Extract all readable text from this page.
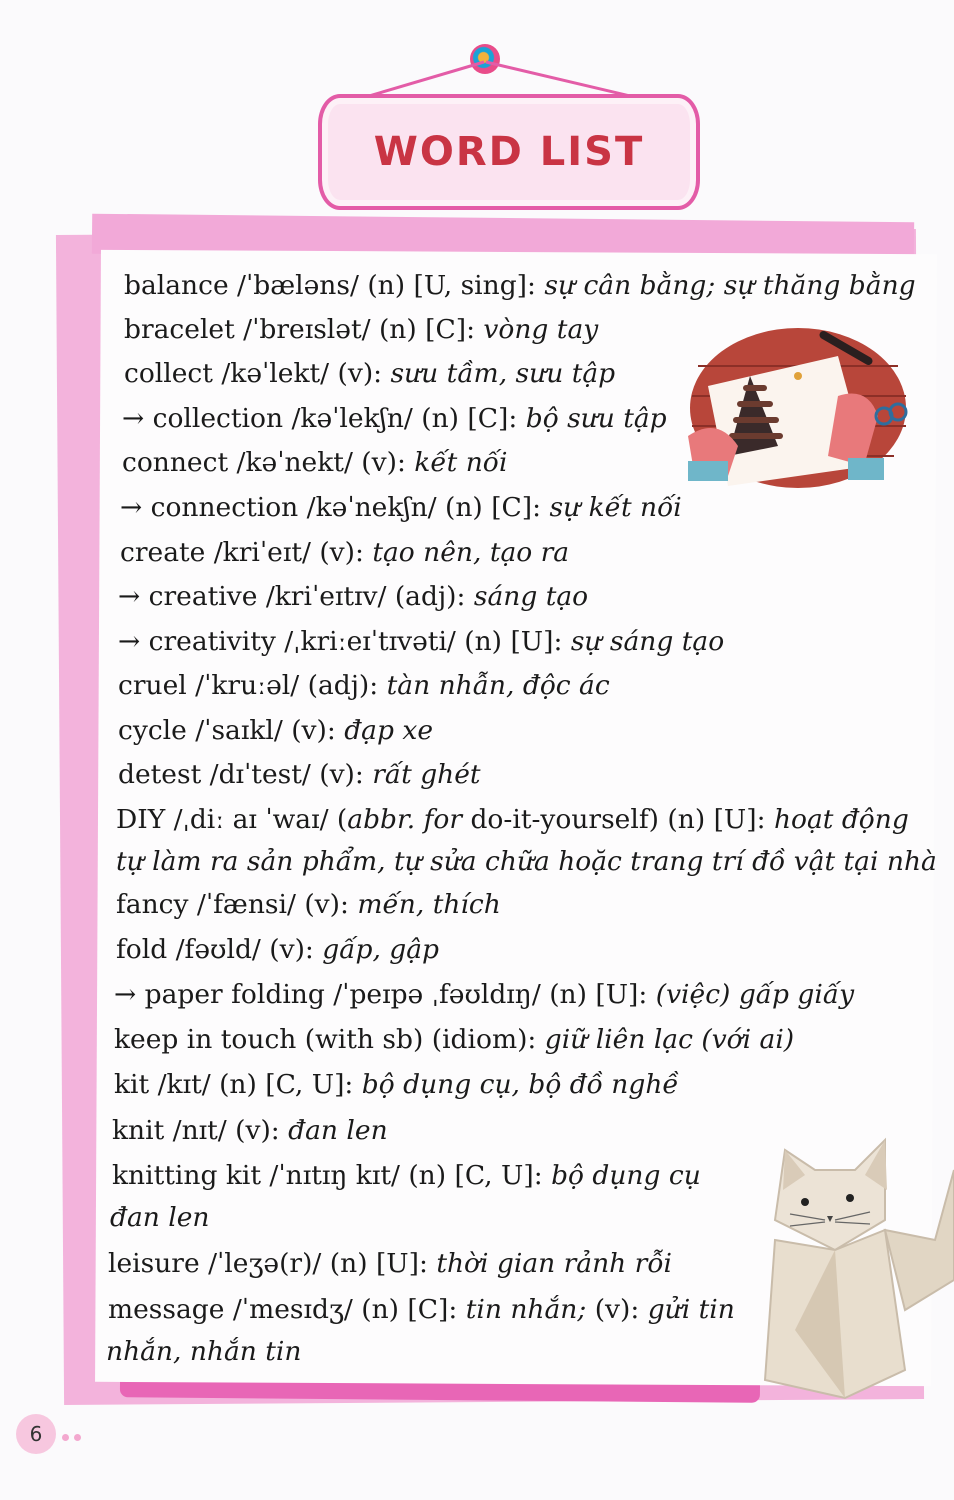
WORD LIST
balance /ˈbæləns/ (n) [U, sing]: sự cân bằng; sự thăng bằng
bracelet /ˈbreɪslət/ (n) [C]: vòng tay
collect /kəˈlekt/ (v): sưu tầm, sưu tập
→ collection /kəˈlekʃn/ (n) [C]: bộ sưu tập
connect /kəˈnekt/ (v): kết nối
→ connection /kəˈnekʃn/ (n) [C]: sự kết nối
create /kriˈeɪt/ (v): tạo nên, tạo ra
→ creative /kriˈeɪtɪv/ (adj): sáng tạo
→ creativity /ˌkriːeɪˈtɪvəti/ (n) [U]: sự sáng tạo
cruel /ˈkruːəl/ (adj): tàn nhẫn, độc ác
cycle /ˈsaɪkl/ (v): đạp xe
detest /dɪˈtest/ (v): rất ghét
DIY /ˌdiː aɪ ˈwaɪ/ (abbr. for do-it-yourself) (n) [U]: hoạt động
tự làm ra sản phẩm, tự sửa chữa hoặc trang trí đồ vật tại nhà
fancy /ˈfænsi/ (v): mến, thích
fold /fəʊld/ (v): gấp, gập
→ paper folding /ˈpeɪpə ˌfəʊldɪŋ/ (n) [U]: (việc) gấp giấy
keep in touch (with sb) (idiom): giữ liên lạc (với ai)
kit /kɪt/ (n) [C, U]: bộ dụng cụ, bộ đồ nghề
knit /nɪt/ (v): đan len
knitting kit /ˈnɪtɪŋ kɪt/ (n) [C, U]: bộ dụng cụ
đan len
leisure /ˈleʒə(r)/ (n) [U]: thời gian rảnh rỗi
message /ˈmesɪdʒ/ (n) [C]: tin nhắn; (v): gửi tin
nhắn, nhắn tin
6
